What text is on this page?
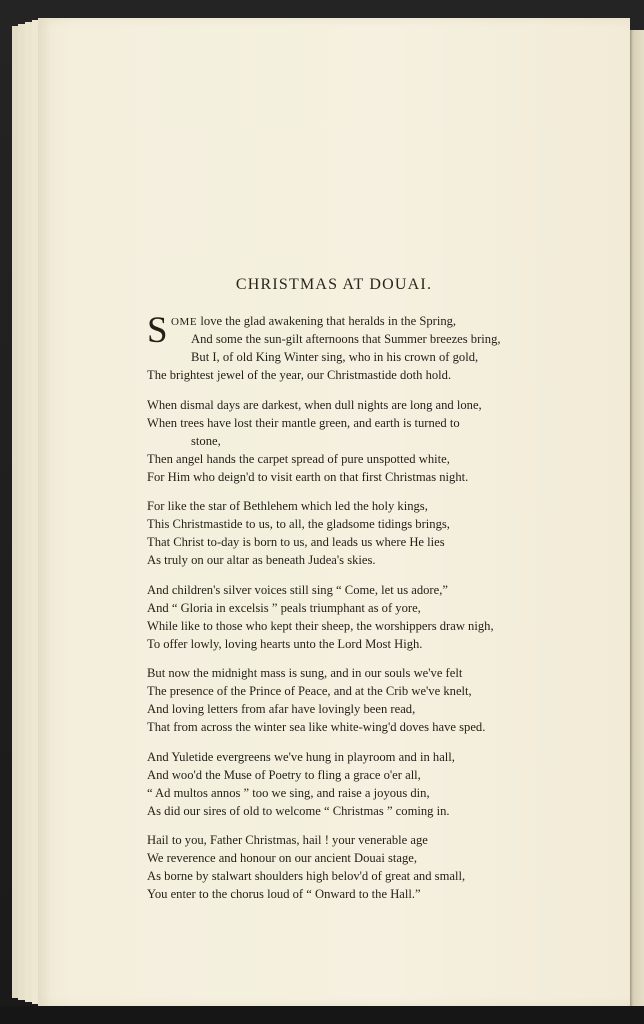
CHRISTMAS AT DOUAI.
S OME love the glad awakening that heralds in the Spring,
And some the sun-gilt afternoons that Summer breezes bring,
But I, of old King Winter sing, who in his crown of gold,
The brightest jewel of the year, our Christmastide doth hold.
When dismal days are darkest, when dull nights are long and lone,
When trees have lost their mantle green, and earth is turned to
stone,
Then angel hands the carpet spread of pure unspotted white,
For Him who deign'd to visit earth on that first Christmas night.
For like the star of Bethlehem which led the holy kings,
This Christmastide to us, to all, the gladsome tidings brings,
That Christ to-day is born to us, and leads us where He lies
As truly on our altar as beneath Judea's skies.
And children's silver voices still sing “ Come, let us adore,”
And “ Gloria in excelsis ” peals triumphant as of yore,
While like to those who kept their sheep, the worshippers draw nigh,
To offer lowly, loving hearts unto the Lord Most High.
But now the midnight mass is sung, and in our souls we've felt
The presence of the Prince of Peace, and at the Crib we've knelt,
And loving letters from afar have lovingly been read,
That from across the winter sea like white-wing'd doves have sped.
And Yuletide evergreens we've hung in playroom and in hall,
And woo'd the Muse of Poetry to fling a grace o'er all,
“ Ad multos annos ” too we sing, and raise a joyous din,
As did our sires of old to welcome “ Christmas ” coming in.
Hail to you, Father Christmas, hail ! your venerable age
We reverence and honour on our ancient Douai stage,
As borne by stalwart shoulders high belov'd of great and small,
You enter to the chorus loud of “ Onward to the Hall.”
